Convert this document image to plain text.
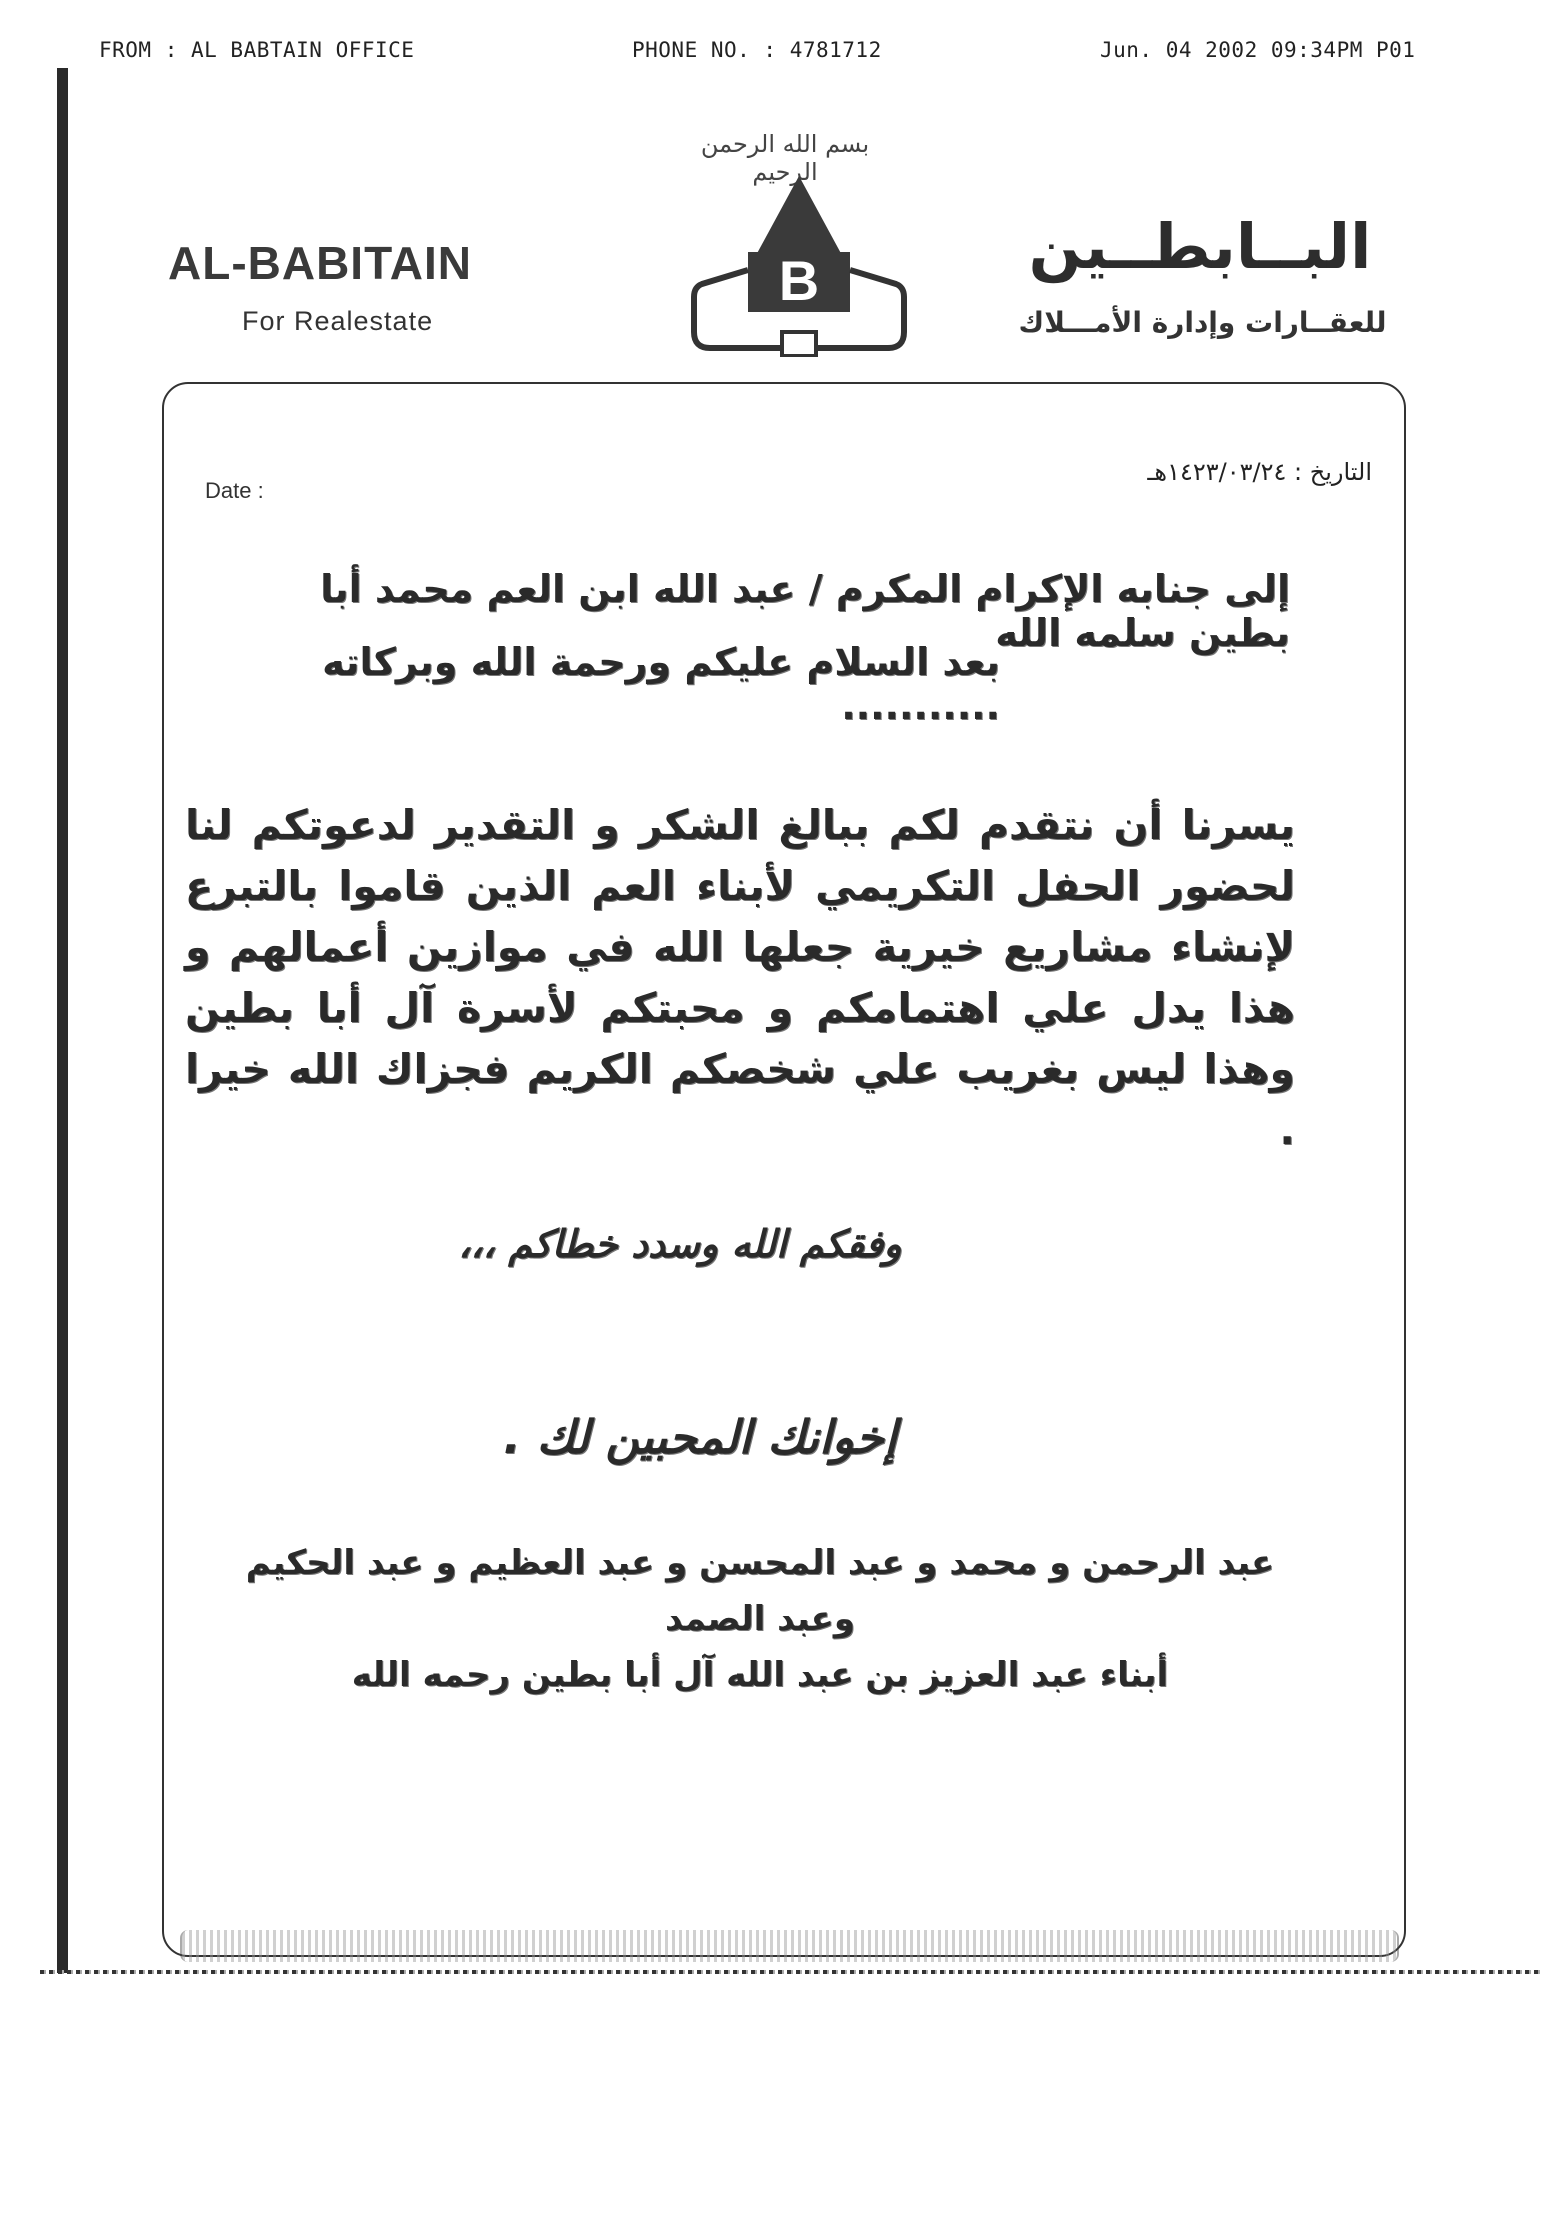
FROM : AL BABTAIN OFFICE	PHONE NO. : 4781712	Jun. 04 2002 09:34PM P01
بسم الله الرحمن الرحيم
AL-BABITAIN
For Realestate
B	البــابطــين
للعقــارات وإدارة الأمـــلاك
Date :
التاريخ : ١٤٢٣/٠٣/٢٤هـ
إلى جنابه الإكرام المكرم / عبد الله ابن العم محمد أبا بطين سلمه الله
بعد السلام عليكم ورحمة الله وبركاته ...........
يسرنا أن نتقدم لكم ببالغ الشكر و التقدير لدعوتكم لنا لحضور الحفل التكريمي لأبناء العم الذين قاموا بالتبرع لإنشاء مشاريع خيرية جعلها الله في موازين أعمالهم و هذا يدل علي اهتمامكم و محبتكم لأسرة آل أبا بطين وهذا ليس بغريب علي شخصكم الكريم فجزاك الله خيرا .
وفقكم الله وسدد خطاكم ،،،
إخوانك المحبين لك .
عبد الرحمن و محمد و عبد المحسن و عبد العظيم و عبد الحكيم وعبد الصمد
أبناء عبد العزيز بن عبد الله آل أبا بطين رحمه الله
